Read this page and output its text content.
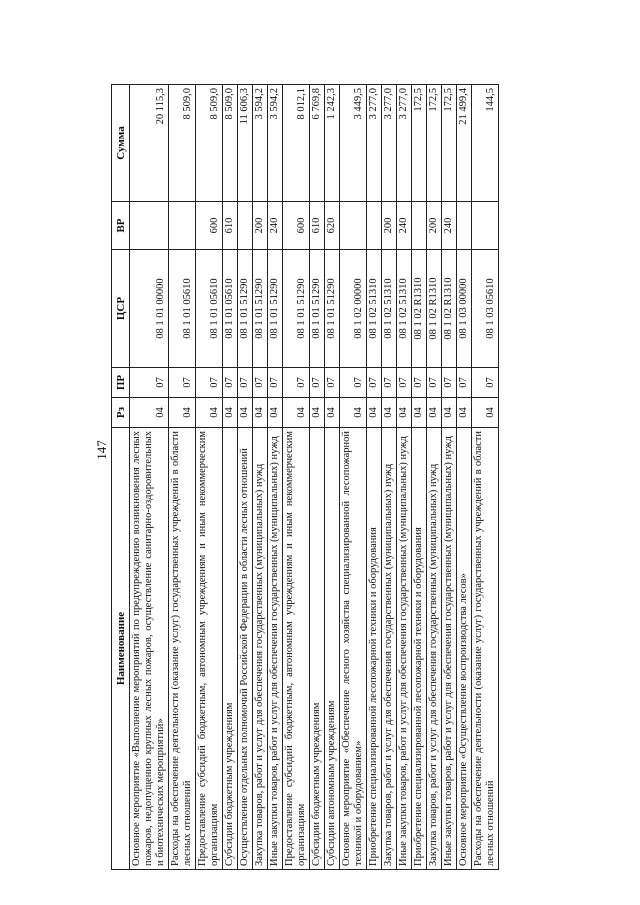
147
Наименование	Рз	ПР	ЦСР	ВР	Сумма
Основное мероприятие «Выполнение мероприятий по предупреждению возникновения лесных пожаров, недопущению крупных лесных пожаров, осуществление санитарно-оздоровительных и биотехнических мероприятий»	04	07	08 1 01 00000		20 115,3
Расходы на обеспечение деятельности (оказание услуг) государственных учреждений в области лесных отношений	04	07	08 1 01 05610		8 509,0
Предоставление субсидий бюджетным, автономным учреждениям и иным некоммерческим организациям	04	07	08 1 01 05610	600	8 509,0
Субсидии бюджетным учреждениям	04	07	08 1 01 05610	610	8 509,0
Осуществление отдельных полномочий Российской Федерации в области лесных отношений	04	07	08 1 01 51290		11 606,3
Закупка товаров, работ и услуг для обеспечения государственных (муниципальных) нужд	04	07	08 1 01 51290	200	3 594,2
Иные закупки товаров, работ и услуг для обеспечения государственных (муниципальных) нужд	04	07	08 1 01 51290	240	3 594,2
Предоставление субсидий бюджетным, автономным учреждениям и иным некоммерческим организациям	04	07	08 1 01 51290	600	8 012,1
Субсидии бюджетным учреждениям	04	07	08 1 01 51290	610	6 769,8
Субсидии автономным учреждениям	04	07	08 1 01 51290	620	1 242,3
Основное мероприятие «Обеспечение лесного хозяйства специализированной лесопожарной техникой и оборудованием»	04	07	08 1 02 00000		3 449,5
Приобретение специализированной лесопожарной техники и оборудования	04	07	08 1 02 51310		3 277,0
Закупка товаров, работ и услуг для обеспечения государственных (муниципальных) нужд	04	07	08 1 02 51310	200	3 277,0
Иные закупки товаров, работ и услуг для обеспечения государственных (муниципальных) нужд	04	07	08 1 02 51310	240	3 277,0
Приобретение специализированной лесопожарной техники и оборудования	04	07	08 1 02 R1310		172,5
Закупка товаров, работ и услуг для обеспечения государственных (муниципальных) нужд	04	07	08 1 02 R1310	200	172,5
Иные закупки товаров, работ и услуг для обеспечения государственных (муниципальных) нужд	04	07	08 1 02 R1310	240	172,5
Основное мероприятие «Осуществление воспроизводства лесов»	04	07	08 1 03 00000		21 499,4
Расходы на обеспечение деятельности (оказание услуг) государственных учреждений в области лесных отношений	04	07	08 1 03 05610		144,5
